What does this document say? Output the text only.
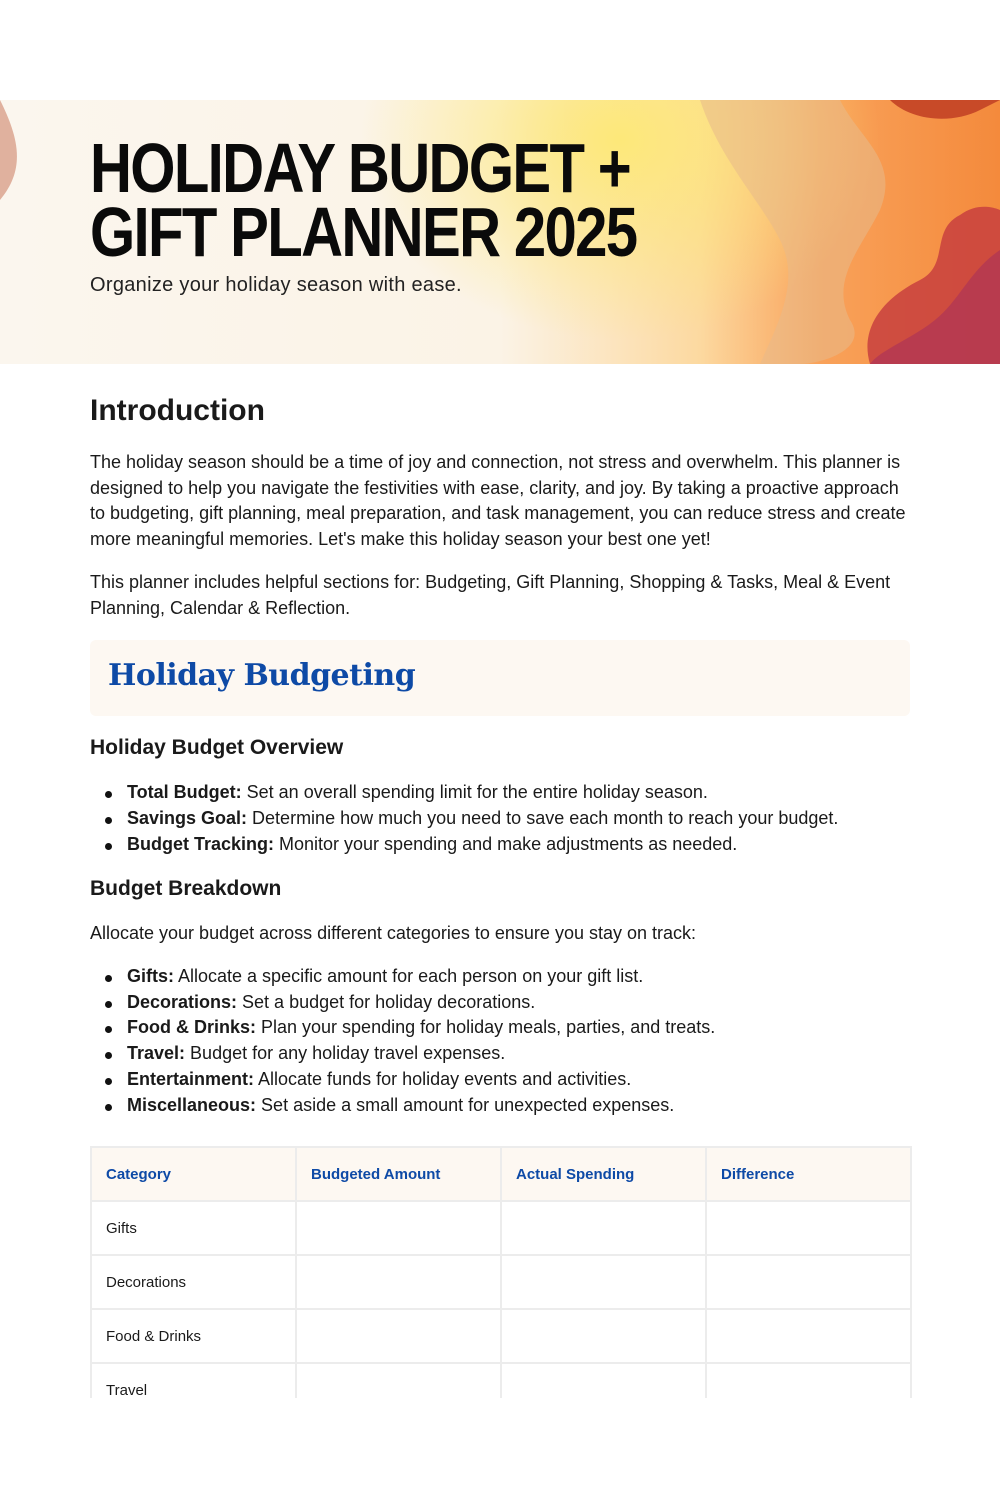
HOLIDAY BUDGET +
GIFT PLANNER 2025
Organize your holiday season with ease.
Introduction

The holiday season should be a time of joy and connection, not stress and overwhelm. This planner is designed to help you navigate the festivities with ease, clarity, and joy. By taking a proactive approach to budgeting, gift planning, meal preparation, and task management, you can reduce stress and create more meaningful memories. Let's make this holiday season your best one yet!

This planner includes helpful sections for: Budgeting, Gift Planning, Shopping & Tasks, Meal & Event Planning, Calendar & Reflection.

Holiday Budgeting
Holiday Budget Overview
Total Budget: Set an overall spending limit for the entire holiday season.
Savings Goal: Determine how much you need to save each month to reach your budget.
Budget Tracking: Monitor your spending and make adjustments as needed.
Budget Breakdown

Allocate your budget across different categories to ensure you stay on track:

Gifts: Allocate a specific amount for each person on your gift list.
Decorations: Set a budget for holiday decorations.
Food & Drinks: Plan your spending for holiday meals, parties, and treats.
Travel: Budget for any holiday travel expenses.
Entertainment: Allocate funds for holiday events and activities.
Miscellaneous: Set aside a small amount for unexpected expenses.
Category	Budgeted Amount	Actual Spending	Difference
Gifts			
Decorations			
Food & Drinks			
Travel			
